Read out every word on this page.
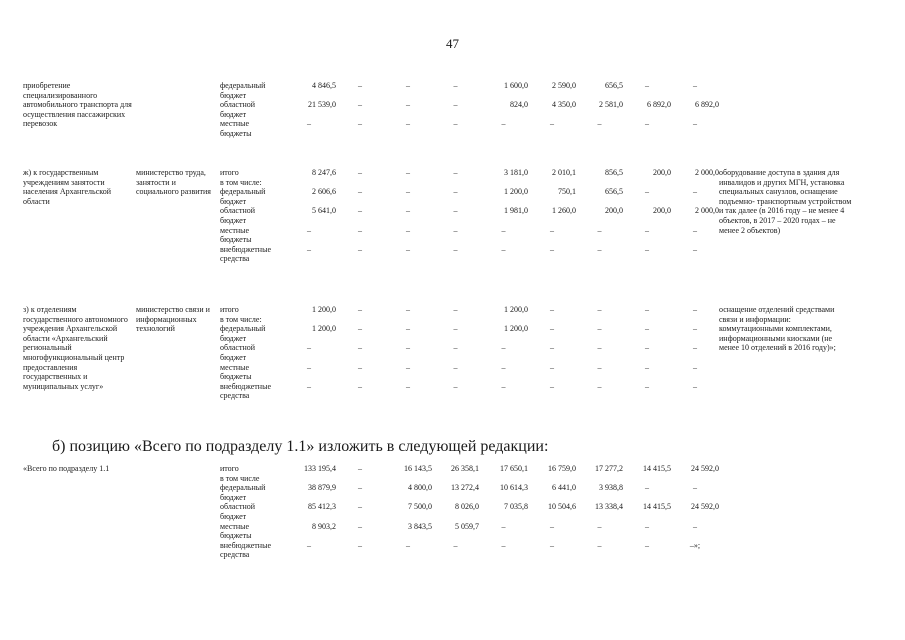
47
приобретение специализированного автомобильного транспорта для осуществления пассажирских перевозок		федеральный бюджет	4 846,5	–	–	–	1 600,0	2 590,0	656,5	–	–	
		областной бюджет	21 539,0	–	–	–	824,0	4 350,0	2 581,0	6 892,0	6 892,0	
		местные бюджеты	–	–	–	–	–	–	–	–	–	
ж) к государственным учреждениям занятости населения Архангельской области	министерство труда, занятости и социального развития	итого	8 247,6	–	–	–	3 181,0	2 010,1	856,5	200,0	2 000,0	оборудование доступа в здания для инвалидов и других МГН, установка специальных санузлов, оснащение подъемно- транспортным устройством и так далее (в 2016 году – не менее 4 объектов, в 2017 – 2020 годах – не менее 2 объектов)
		в том числе:										
		федеральный бюджет	2 606,6	–	–	–	1 200,0	750,1	656,5	–	–	
		областной бюджет	5 641,0	–	–	–	1 981,0	1 260,0	200,0	200,0	2 000,0	
		местные бюджеты	–	–	–	–	–	–	–	–	–	
		внебюджетные средства	–	–	–	–	–	–	–	–	–	
з) к отделениям государственного автономного учреждения Архангельской области «Архангельский региональный многофункциональный центр предоставления государственных и муниципальных услуг»	министерство связи и информационных технологий	итого	1 200,0	–	–	–	1 200,0	–	–	–	–	оснащение отделений средствами связи и информации: коммутационными комплектами, информационными киосками (не менее 10 отделений в 2016 году)»;
		в том числе:										
		федеральный бюджет	1 200,0	–	–	–	1 200,0	–	–	–	–	
		областной бюджет	–	–	–	–	–	–	–	–	–	
		местные бюджеты	–	–	–	–	–	–	–	–	–	
		внебюджетные средства	–	–	–	–	–	–	–	–	–	
б) позицию «Всего по подразделу 1.1» изложить в следующей редакции:
«Всего по подразделу 1.1		итого	133 195,4	–	16 143,5	26 358,1	17 650,1	16 759,0	17 277,2	14 415,5	24 592,0	
		в том числе										
		федеральный бюджет	38 879,9	–	4 800,0	13 272,4	10 614,3	6 441,0	3 938,8	–	–	
		областной бюджет	85 412,3	–	7 500,0	8 026,0	7 035,8	10 504,6	13 338,4	14 415,5	24 592,0	
		местные бюджеты	8 903,2	–	3 843,5	5 059,7	–	–	–	–	–	
		внебюджетные средства	–	–	–	–	–	–	–	–	–»;	
